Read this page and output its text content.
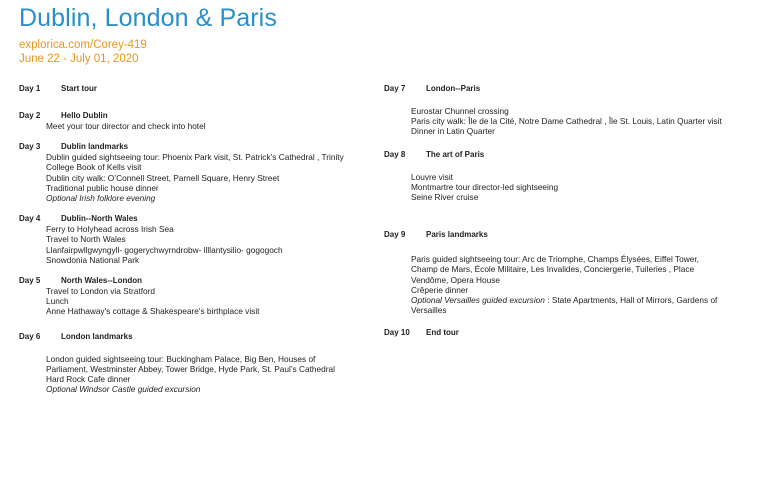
Dublin, London & Paris
explorica.com/Corey-419
June 22 - July 01, 2020
Day 1	Start tour
Day 2	Hello Dublin
Meet your tour director and check into hotel
Day 3	Dublin landmarks
Dublin guided sightseeing tour: Phoenix Park visit, St. Patrick’s Cathedral , Trinity College Book of Kells visit
Dublin city walk: O’Connell Street, Parnell Square, Henry Street
Traditional public house dinner
Optional Irish folklore evening
Day 4	Dublin--North Wales
Ferry to Holyhead across Irish Sea
Travel to North Wales
Llanfairpwllgwyngyll- gogerychwyrndrobw- llllantysilio- gogogoch
Snowdonia National Park
Day 5	North Wales--London
Travel to London via Stratford
Lunch
Anne Hathaway's cottage & Shakespeare's birthplace visit
Day 6	London landmarks
London guided sightseeing tour: Buckingham Palace, Big Ben, Houses of Parliament, Westminster Abbey, Tower Bridge, Hyde Park, St. Paul’s Cathedral
Hard Rock Cafe dinner
Optional Windsor Castle guided excursion
Day 7	London--Paris
Eurostar Chunnel crossing
Paris city walk: Île de la Cité, Notre Dame Cathedral , Île St. Louis, Latin Quarter visit
Dinner in Latin Quarter
Day 8	The art of Paris
Louvre visit
Montmartre tour director-led sightseeing
Seine River cruise
Day 9	Paris landmarks
Paris guided sightseeing tour: Arc de Triomphe, Champs Élysées, Eiffel Tower, Champ de Mars, École Militaire, Les Invalides, Conciergerie, Tuileries , Place Vendôme, Opera House
Crêperie dinner
Optional Versailles guided excursion : State Apartments, Hall of Mirrors, Gardens of Versailles
Day 10	End tour
